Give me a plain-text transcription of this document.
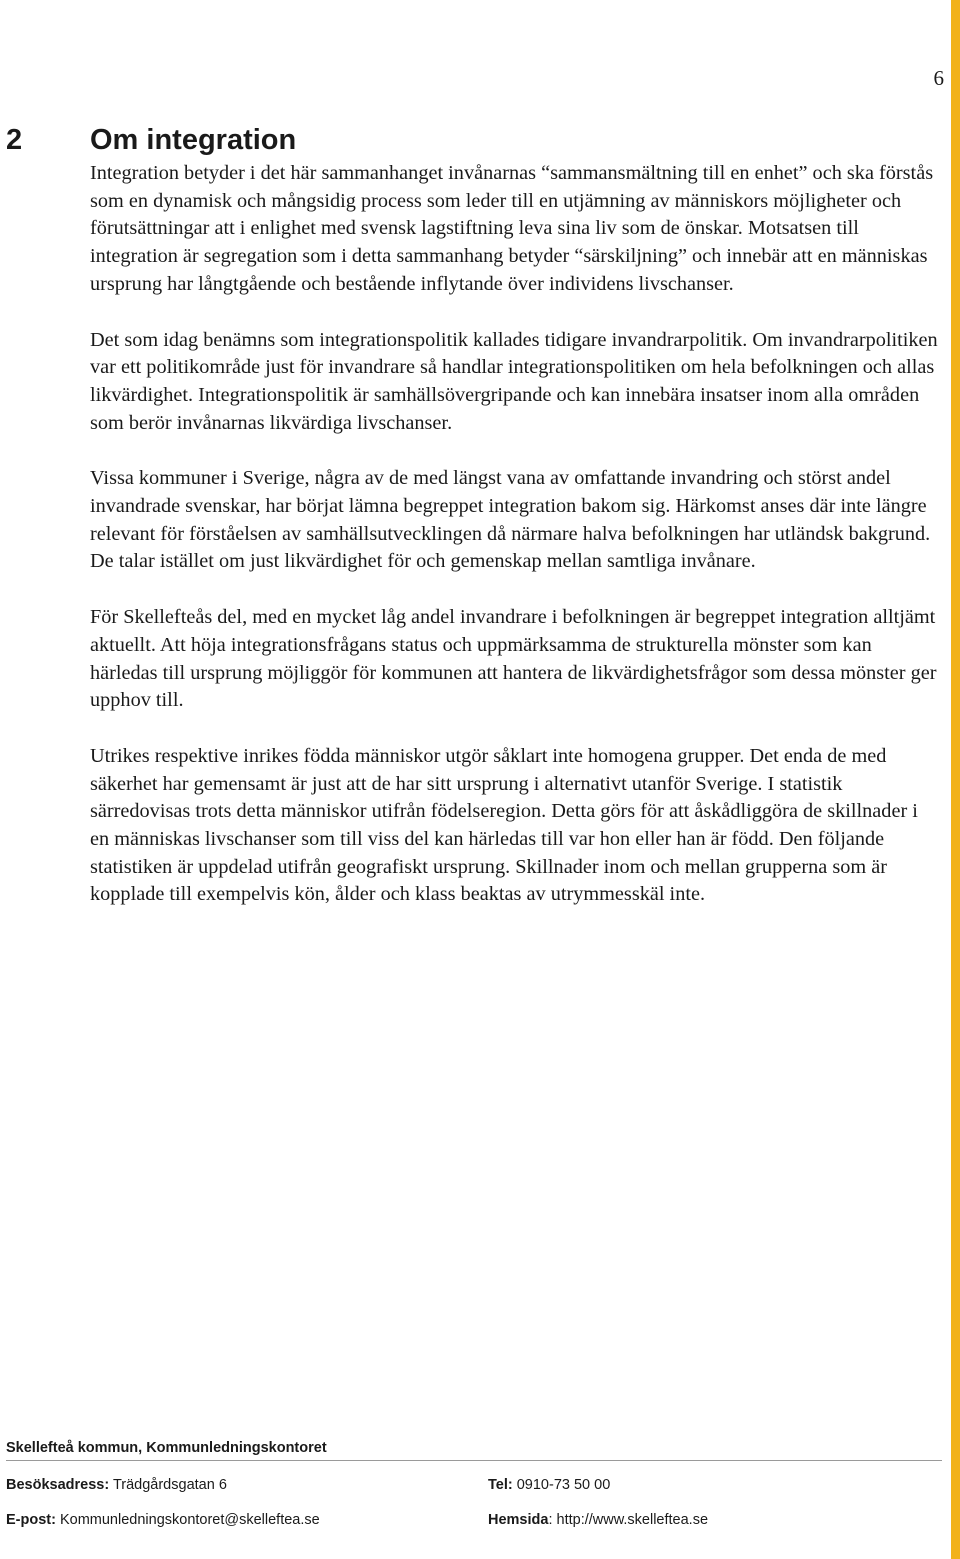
6
2 Om integration

Integration betyder i det här sammanhanget invånarnas “sammansmältning till en enhet” och ska förstås som en dynamisk och mångsidig process som leder till en utjämning av människors möjligheter och förutsättningar att i enlighet med svensk lagstiftning leva sina liv som de önskar. Motsatsen till integration är segregation som i detta sammanhang betyder “särskiljning” och innebär att en människas ursprung har långtgående och bestående inflytande över individens livschanser.

Det som idag benämns som integrationspolitik kallades tidigare invandrarpolitik. Om invandrarpolitiken var ett politikområde just för invandrare så handlar integrationspolitiken om hela befolkningen och allas likvärdighet. Integrationspolitik är samhällsövergripande och kan innebära insatser inom alla områden som berör invånarnas likvärdiga livschanser.

Vissa kommuner i Sverige, några av de med längst vana av omfattande invandring och störst andel invandrade svenskar, har börjat lämna begreppet integration bakom sig. Härkomst anses där inte längre relevant för förståelsen av samhällsutvecklingen då närmare halva befolkningen har utländsk bakgrund. De talar istället om just likvärdighet för och gemenskap mellan samtliga invånare.

För Skellefteås del, med en mycket låg andel invandrare i befolkningen är begreppet integration alltjämt aktuellt. Att höja integrationsfrågans status och uppmärksamma de strukturella mönster som kan härledas till ursprung möjliggör för kommunen att hantera de likvärdighetsfrågor som dessa mönster ger upphov till.

Utrikes respektive inrikes födda människor utgör såklart inte homogena grupper. Det enda de med säkerhet har gemensamt är just att de har sitt ursprung i alternativt utanför Sverige. I statistik särredovisas trots detta människor utifrån födelseregion. Detta görs för att åskådliggöra de skillnader i en människas livschanser som till viss del kan härledas till var hon eller han är född. Den följande statistiken är uppdelad utifrån geografiskt ursprung. Skillnader inom och mellan grupperna som är kopplade till exempelvis kön, ålder och klass beaktas av utrymmesskäl inte.

Skellefteå kommun, Kommunledningskontoret
Besöksadress: Trädgårdsgatan 6	Tel: 0910-73 50 00
E-post: Kommunledningskontoret@skelleftea.se	Hemsida: http://www.skelleftea.se
